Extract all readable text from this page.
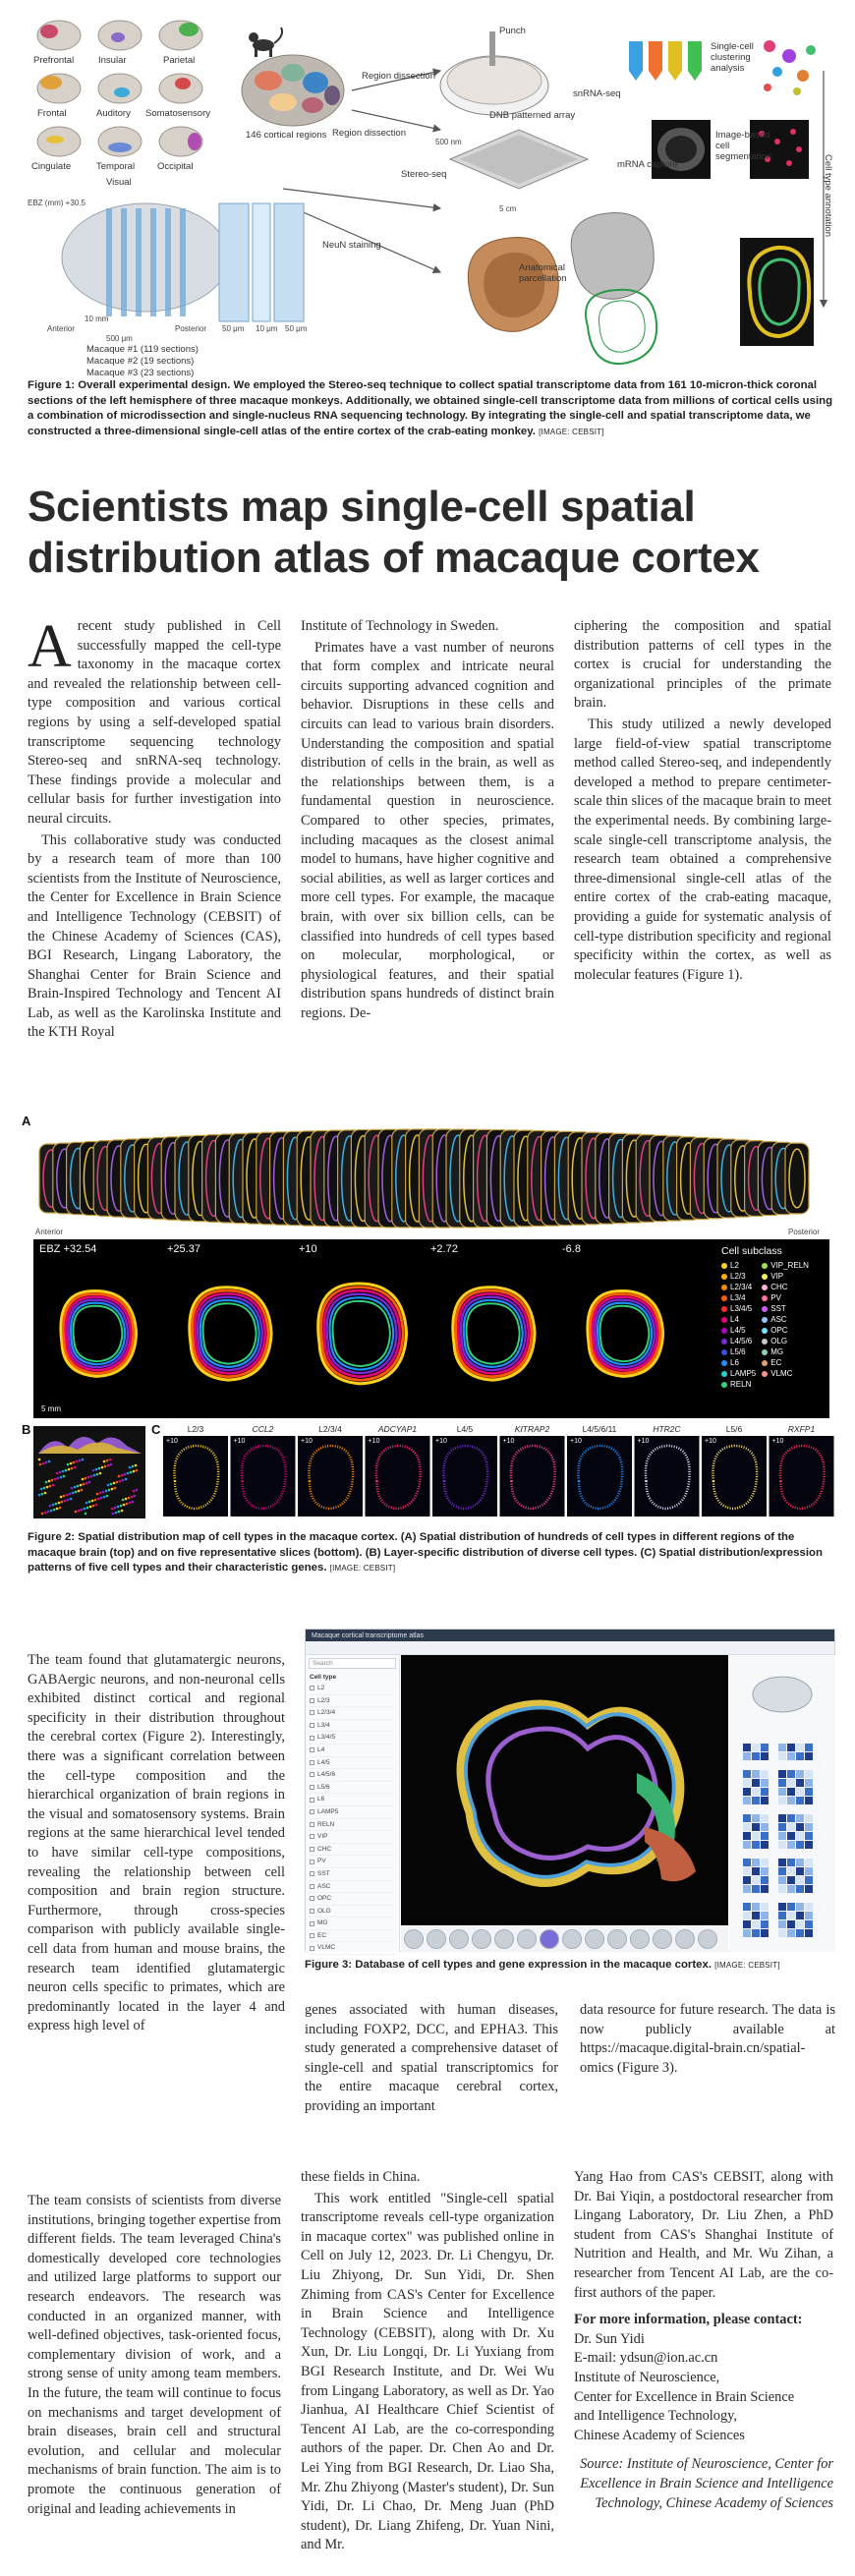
Prefrontal	Insular	Parietal
Frontal	Auditory Somatosensory
Cingulate	Temporal Occipital
Visual
146 cortical regions
Region dissection
Punch
snRNA-seq
Single-cell clustering analysis
DNB patterned array
500 nm
5 cm
mRNA capture
Image-based cell segmentation
Stereo-seq
Region dissection
NeuN staining
Anatomical parcellation
Cell type annotation
EBZ (mm) +30.5
Anterior	Posterior
10 mm
500 μm
50 μm 10 μm 50 μm
Macaque #1 (119 sections)
Macaque #2 (19 sections)
Macaque #3 (23 sections)
Figure 1: Overall experimental design. We employed the Stereo-seq technique to collect spatial transcriptome data from 161 10-micron-thick coronal sections of the left hemisphere of three macaque monkeys. Additionally, we obtained single-cell transcriptome data from millions of cortical cells using a combination of microdissection and single-nucleus RNA sequencing technology. By integrating the single-cell and spatial transcriptome data, we constructed a three-dimensional single-cell atlas of the entire cortex of the crab-eating monkey. [IMAGE: CEBSIT]
Scientists map single-cell spatial distribution atlas of macaque cortex

Arecent study published in Cell successfully mapped the cell-type taxonomy in the macaque cortex and revealed the relationship between cell-type composition and various cortical regions by using a self-developed spatial transcriptome sequencing technology Stereo-seq and snRNA-seq technology. These findings provide a molecular and cellular basis for further investigation into neural circuits.

This collaborative study was conducted by a research team of more than 100 scientists from the Institute of Neuroscience, the Center for Excellence in Brain Science and Intelligence Technology (CEBSIT) of the Chinese Academy of Sciences (CAS), BGI Research, Lingang Laboratory, the Shanghai Center for Brain Science and Brain-Inspired Technology and Tencent AI Lab, as well as the Karolinska Institute and the KTH Royal

Institute of Technology in Sweden.

Primates have a vast number of neurons that form complex and intricate neural circuits supporting advanced cognition and behavior. Disruptions in these cells and circuits can lead to various brain disorders. Understanding the composition and spatial distribution of cells in the brain, as well as the relationships between them, is a fundamental question in neuroscience. Compared to other species, primates, including macaques as the closest animal model to humans, have higher cognitive and social abilities, as well as larger cortices and more cell types. For example, the macaque brain, with over six billion cells, can be classified into hundreds of cell types based on molecular, morphological, or physiological features, and their spatial distribution spans hundreds of distinct brain regions. De-

ciphering the composition and spatial distribution patterns of cell types in the cortex is crucial for understanding the organizational principles of the primate brain.

This study utilized a newly developed large field-of-view spatial transcriptome method called Stereo-seq, and independently developed a method to prepare centimeter-scale thin slices of the macaque brain to meet the experimental needs. By combining large-scale single-cell transcriptome analysis, the research team obtained a comprehensive three-dimensional single-cell atlas of the entire cortex of the crab-eating macaque, providing a guide for systematic analysis of cell-type distribution specificity and regional specificity within the cortex, as well as molecular features (Figure 1).

A
Anterior	Posterior
EBZ +32.54	+25.37	+10	+2.72	-6.8
5 mm
Cell subclass
L2
L2/3
L2/3/4
L3/4
L3/4/5
L4
L4/5
L4/5/6
L5/6
L6
LAMP5
RELN
VIP_RELN
VIP
CHC
PV
SST
ASC
OPC
OLG
MG
EC
VLMC
B	C	L2/3
+10
CCL2
+10
L2/3/4
+10
ADCYAP1
+10
L4/5
+10
KITRAP2
+10
L4/5/6/11
+10
HTR2C
+10
L5/6
+10
RXFP1
+10
Figure 2: Spatial distribution map of cell types in the macaque cortex. (A) Spatial distribution of hundreds of cell types in different regions of the macaque brain (top) and on five representative slices (bottom). (B) Layer-specific distribution of diverse cell types. (C) Spatial distribution/expression patterns of five cell types and their characteristic genes. [IMAGE: CEBSIT]
Macaque cortical transcriptome atlas
Search
Cell type
L2
L2/3
L2/3/4
L3/4
L3/4/5
L4
L4/5
L4/5/6
L5/6
L6
LAMP5
RELN
VIP
CHC
PV
SST
ASC
OPC
OLG
MG
EC
VLMC
Figure 3: Database of cell types and gene expression in the macaque cortex. [IMAGE: CEBSIT]
The team found that glutamatergic neurons, GABAergic neurons, and non-neuronal cells exhibited distinct cortical and regional specificity in their distribution throughout the cerebral cortex (Figure 2). Interestingly, there was a significant correlation between the cell-type composition and the hierarchical organization of brain regions in the visual and somatosensory systems. Brain regions at the same hierarchical level tended to have similar cell-type compositions, revealing the relationship between cell composition and brain region structure. Furthermore, through cross-species comparison with publicly available single-cell data from human and mouse brains, the research team identified glutamatergic neuron cells specific to primates, which are predominantly located in the layer 4 and express high level of
genes associated with human diseases, including FOXP2, DCC, and EPHA3. This study generated a comprehensive dataset of single-cell and spatial transcriptomics for the entire macaque cerebral cortex, providing an important
data resource for future research. The data is now publicly available at https://macaque.digital-brain.cn/spatial-omics (Figure 3).
The team consists of scientists from diverse institutions, bringing together expertise from different fields. The team leveraged China's domestically developed core technologies and utilized large platforms to support our research endeavors. The research was conducted in an organized manner, with well-defined objectives, task-oriented focus, complementary division of work, and a strong sense of unity among team members. In the future, the team will continue to focus on mechanisms and target development of brain diseases, brain cell and structural evolution, and cellular and molecular mechanisms of brain function. The aim is to promote the continuous generation of original and leading achievements in

these fields in China.

This work entitled "Single-cell spatial transcriptome reveals cell-type organization in macaque cortex" was published online in Cell on July 12, 2023. Dr. Li Chengyu, Dr. Liu Zhiyong, Dr. Sun Yidi, Dr. Shen Zhiming from CAS's Center for Excellence in Brain Science and Intelligence Technology (CEBSIT), along with Dr. Xu Xun, Dr. Liu Longqi, Dr. Li Yuxiang from BGI Research Institute, and Dr. Wei Wu from Lingang Laboratory, as well as Dr. Yao Jianhua, AI Healthcare Chief Scientist of Tencent AI Lab, are the co-corresponding authors of the paper. Dr. Chen Ao and Dr. Lei Ying from BGI Research, Dr. Liao Sha, Mr. Zhu Zhiyong (Master's student), Dr. Sun Yidi, Dr. Li Chao, Dr. Meng Juan (PhD student), Dr. Liang Zhifeng, Dr. Yuan Nini, and Mr.

Yang Hao from CAS's CEBSIT, along with Dr. Bai Yiqin, a postdoctoral researcher from Lingang Laboratory, Dr. Liu Zhen, a PhD student from CAS's Shanghai Institute of Nutrition and Health, and Mr. Wu Zihan, a researcher from Tencent AI Lab, are the co-first authors of the paper.

For more information, please contact:

Dr. Sun Yidi
E-mail: ydsun@ion.ac.cn
Institute of Neuroscience,
Center for Excellence in Brain Science
and Intelligence Technology,
Chinese Academy of Sciences

Source: Institute of Neuroscience, Center for Excellence in Brain Science and Intelligence Technology, Chinese Academy of Sciences
